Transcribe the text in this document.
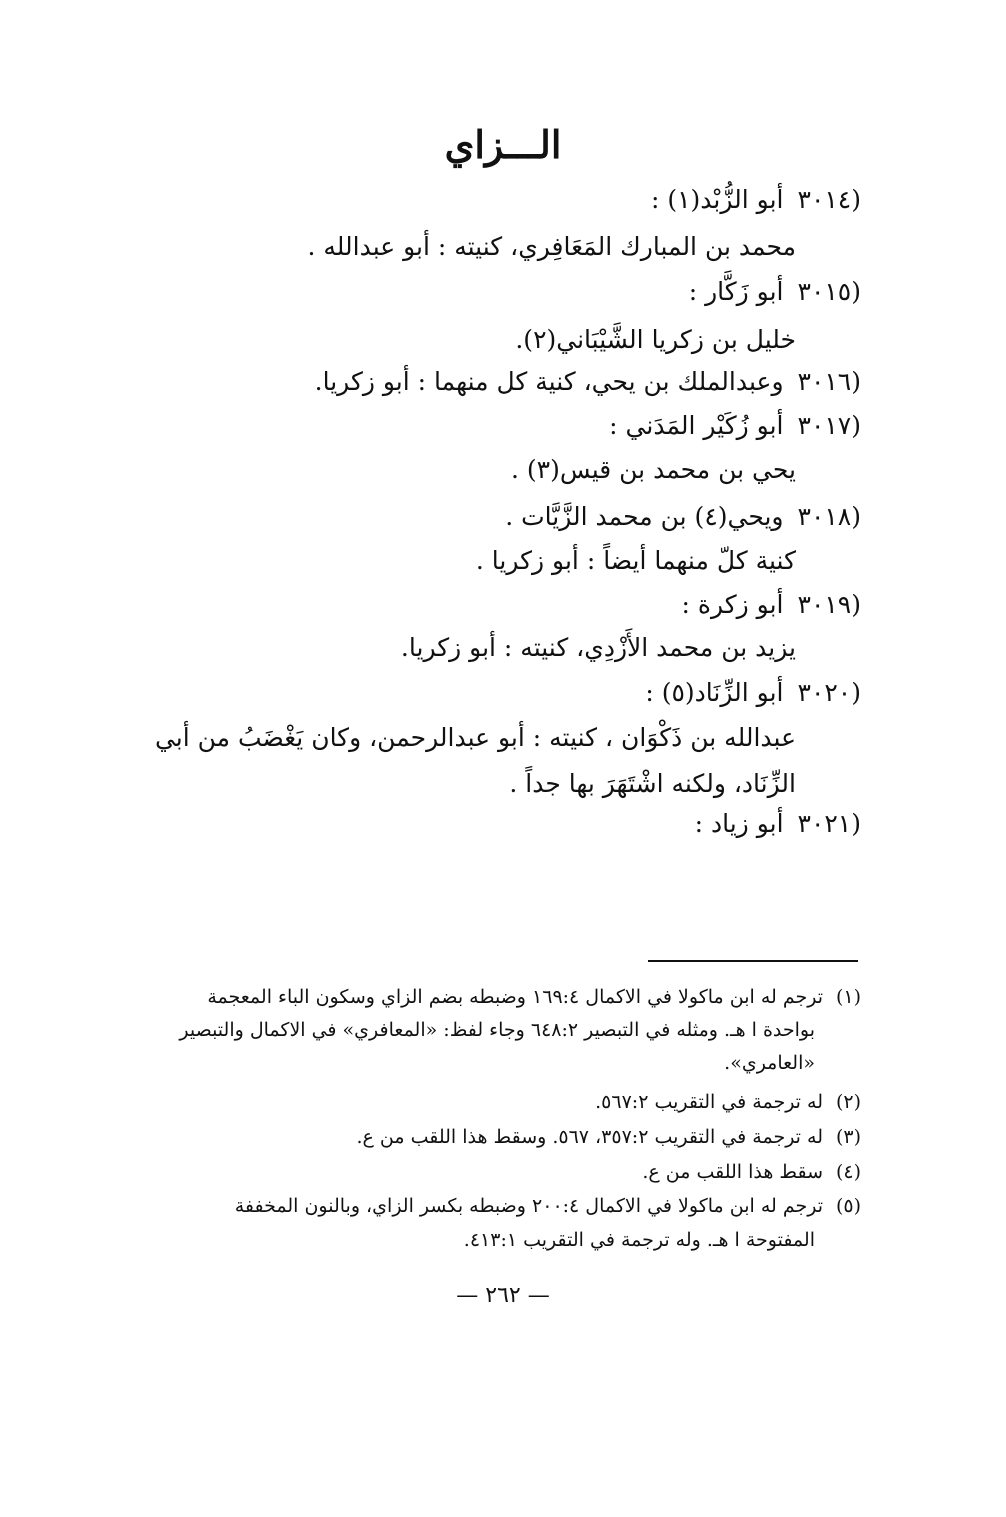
الـــزاي
(٣٠١٤أبو الزُّبْد(١) :
محمد بن المبارك المَعَافِري، كنيته : أبو عبدالله .
(٣٠١٥أبو زَكَّار :
خليل بن زكريا الشَّيْبَاني(٢).
(٣٠١٦وعبدالملك بن يحي، كنية كل منهما : أبو زكريا.
(٣٠١٧أبو زُكَيْر المَدَني :
يحي بن محمد بن قيس(٣) .
(٣٠١٨ويحي(٤) بن محمد الزَّيَّات .
كنية كلّ منهما أيضاً : أبو زكريا .
(٣٠١٩أبو زكرة :
يزيد بن محمد الأَزْدِي، كنيته : أبو زكريا.
(٣٠٢٠أبو الزِّنَاد(٥) :
عبدالله بن ذَكْوَان ، كنيته : أبو عبدالرحمن، وكان يَغْضَبُ من أبي
الزِّنَاد، ولكنه اشْتَهَرَ بها جداً .
(٣٠٢١أبو زياد :
(١)ترجم له ابن ماكولا في الاكمال ١٦٩:٤ وضبطه بضم الزاي وسكون الباء المعجمة
بواحدة ا هـ. ومثله في التبصير ٦٤٨:٢ وجاء لفظ: «المعافري» في الاكمال والتبصير
«العامري».
(٢)له ترجمة في التقريب ٥٦٧:٢.
(٣)له ترجمة في التقريب ٣٥٧:٢، ٥٦٧. وسقط هذا اللقب من ع.
(٤)سقط هذا اللقب من ع.
(٥)ترجم له ابن ماكولا في الاكمال ٢٠٠:٤ وضبطه بكسر الزاي، وبالنون المخففة
المفتوحة ا هـ. وله ترجمة في التقريب ٤١٣:١.
— ٢٦٢ —
